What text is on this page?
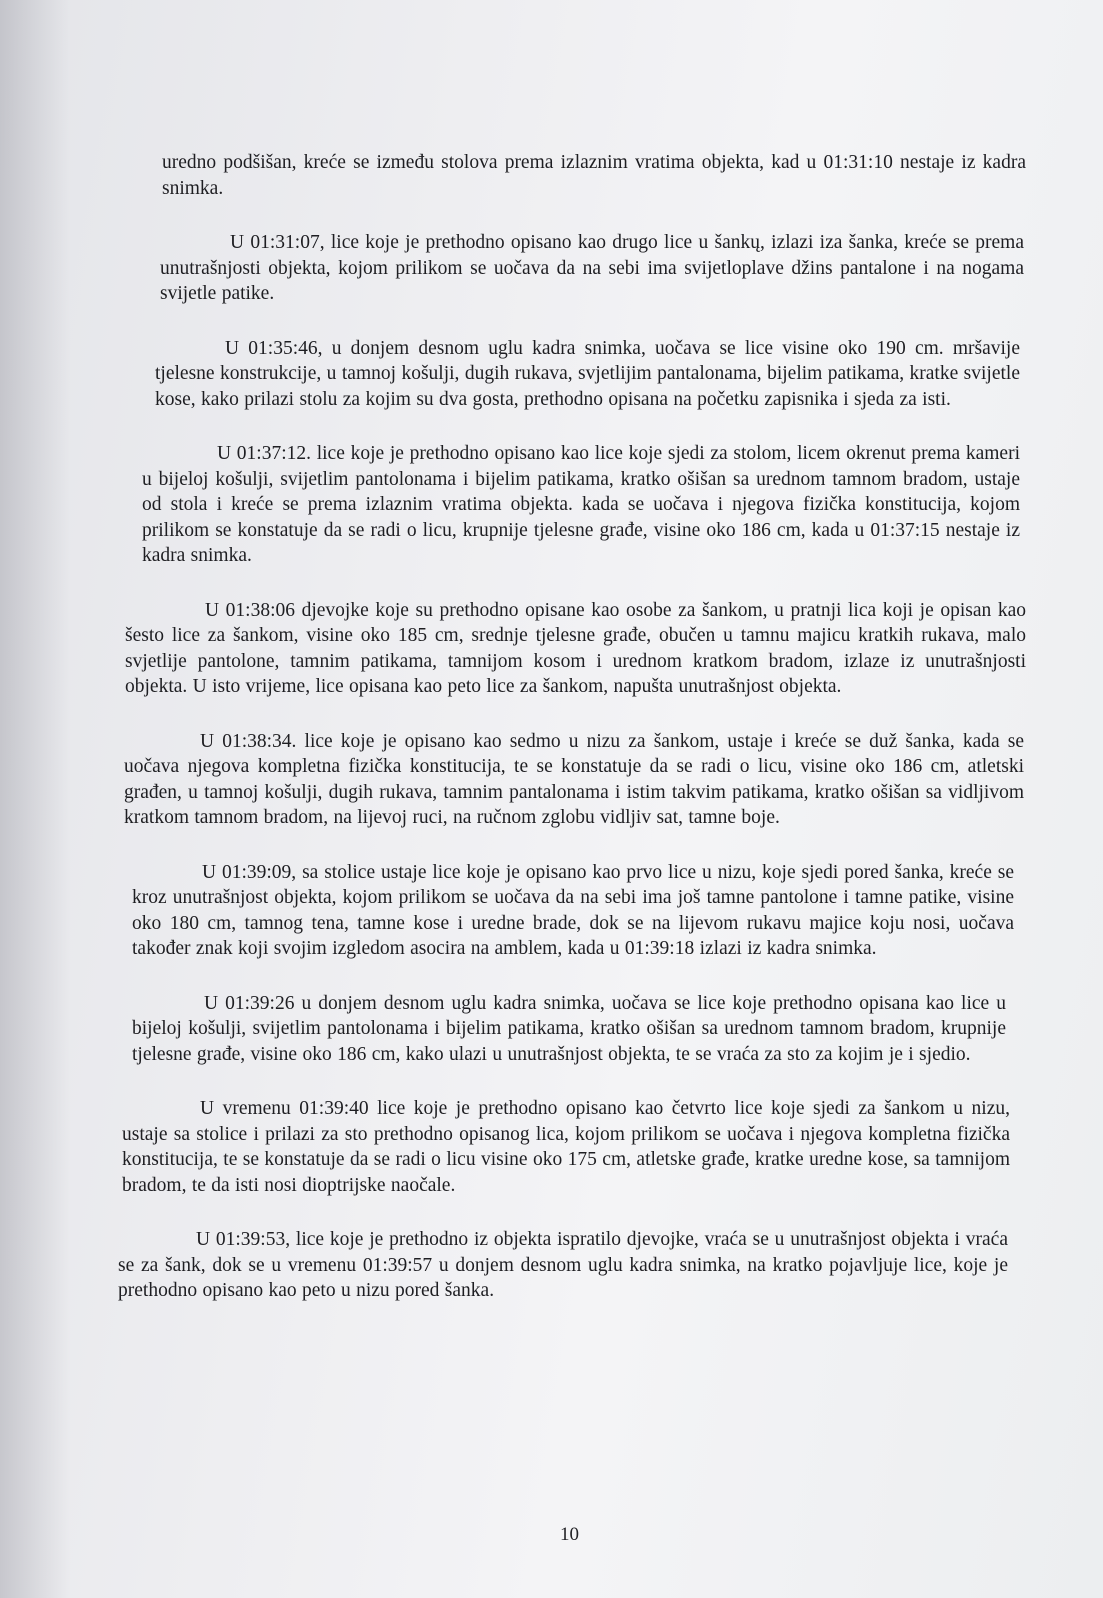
uredno podšišan, kreće se između stolova prema izlaznim vratima objekta, kad u 01:31:10 nestaje iz kadra snimka.

U 01:31:07, lice koje je prethodno opisano kao drugo lice u šankų, izlazi iza šanka, kreće se prema unutrašnjosti objekta, kojom prilikom se uočava da na sebi ima svijetloplave džins pantalone i na nogama svijetle patike.

U 01:35:46, u donjem desnom uglu kadra snimka, uočava se lice visine oko 190 cm. mršavije tjelesne konstrukcije, u tamnoj košulji, dugih rukava, svjetlijim pantalonama, bijelim patikama, kratke svijetle kose, kako prilazi stolu za kojim su dva gosta, prethodno opisana na početku zapisnika i sjeda za isti.

U 01:37:12. lice koje je prethodno opisano kao lice koje sjedi za stolom, licem okrenut prema kameri u bijeloj košulji, svijetlim pantolonama i bijelim patikama, kratko ošišan sa urednom tamnom bradom, ustaje od stola i kreće se prema izlaznim vratima objekta. kada se uočava i njegova fizička konstitucija, kojom prilikom se konstatuje da se radi o licu, krupnije tjelesne građe, visine oko 186 cm, kada u 01:37:15 nestaje iz kadra snimka.

U 01:38:06 djevojke koje su prethodno opisane kao osobe za šankom, u pratnji lica koji je opisan kao šesto lice za šankom, visine oko 185 cm, srednje tjelesne građe, obučen u tamnu majicu kratkih rukava, malo svjetlije pantolone, tamnim patikama, tamnijom kosom i urednom kratkom bradom, izlaze iz unutrašnjosti objekta. U isto vrijeme, lice opisana kao peto lice za šankom, napušta unutrašnjost objekta.

U 01:38:34. lice koje je opisano kao sedmo u nizu za šankom, ustaje i kreće se duž šanka, kada se uočava njegova kompletna fizička konstitucija, te se konstatuje da se radi o licu, visine oko 186 cm, atletski građen, u tamnoj košulji, dugih rukava, tamnim pantalonama i istim takvim patikama, kratko ošišan sa vidljivom kratkom tamnom bradom, na lijevoj ruci, na ručnom zglobu vidljiv sat, tamne boje.

U 01:39:09, sa stolice ustaje lice koje je opisano kao prvo lice u nizu, koje sjedi pored šanka, kreće se kroz unutrašnjost objekta, kojom prilikom se uočava da na sebi ima još tamne pantolone i tamne patike, visine oko 180 cm, tamnog tena, tamne kose i uredne brade, dok se na lijevom rukavu majice koju nosi, uočava također znak koji svojim izgledom asocira na amblem, kada u 01:39:18 izlazi iz kadra snimka.

U 01:39:26 u donjem desnom uglu kadra snimka, uočava se lice koje prethodno opisana kao lice u bijeloj košulji, svijetlim pantolonama i bijelim patikama, kratko ošišan sa urednom tamnom bradom, krupnije tjelesne građe, visine oko 186 cm, kako ulazi u unutrašnjost objekta, te se vraća za sto za kojim je i sjedio.

U vremenu 01:39:40 lice koje je prethodno opisano kao četvrto lice koje sjedi za šankom u nizu, ustaje sa stolice i prilazi za sto prethodno opisanog lica, kojom prilikom se uočava i njegova kompletna fizička konstitucija, te se konstatuje da se radi o licu visine oko 175 cm, atletske građe, kratke uredne kose, sa tamnijom bradom, te da isti nosi dioptrijske naočale.

U 01:39:53, lice koje je prethodno iz objekta ispratilo djevojke, vraća se u unutrašnjost objekta i vraća se za šank, dok se u vremenu 01:39:57 u donjem desnom uglu kadra snimka, na kratko pojavljuje lice, koje je prethodno opisano kao peto u nizu pored šanka.

10
